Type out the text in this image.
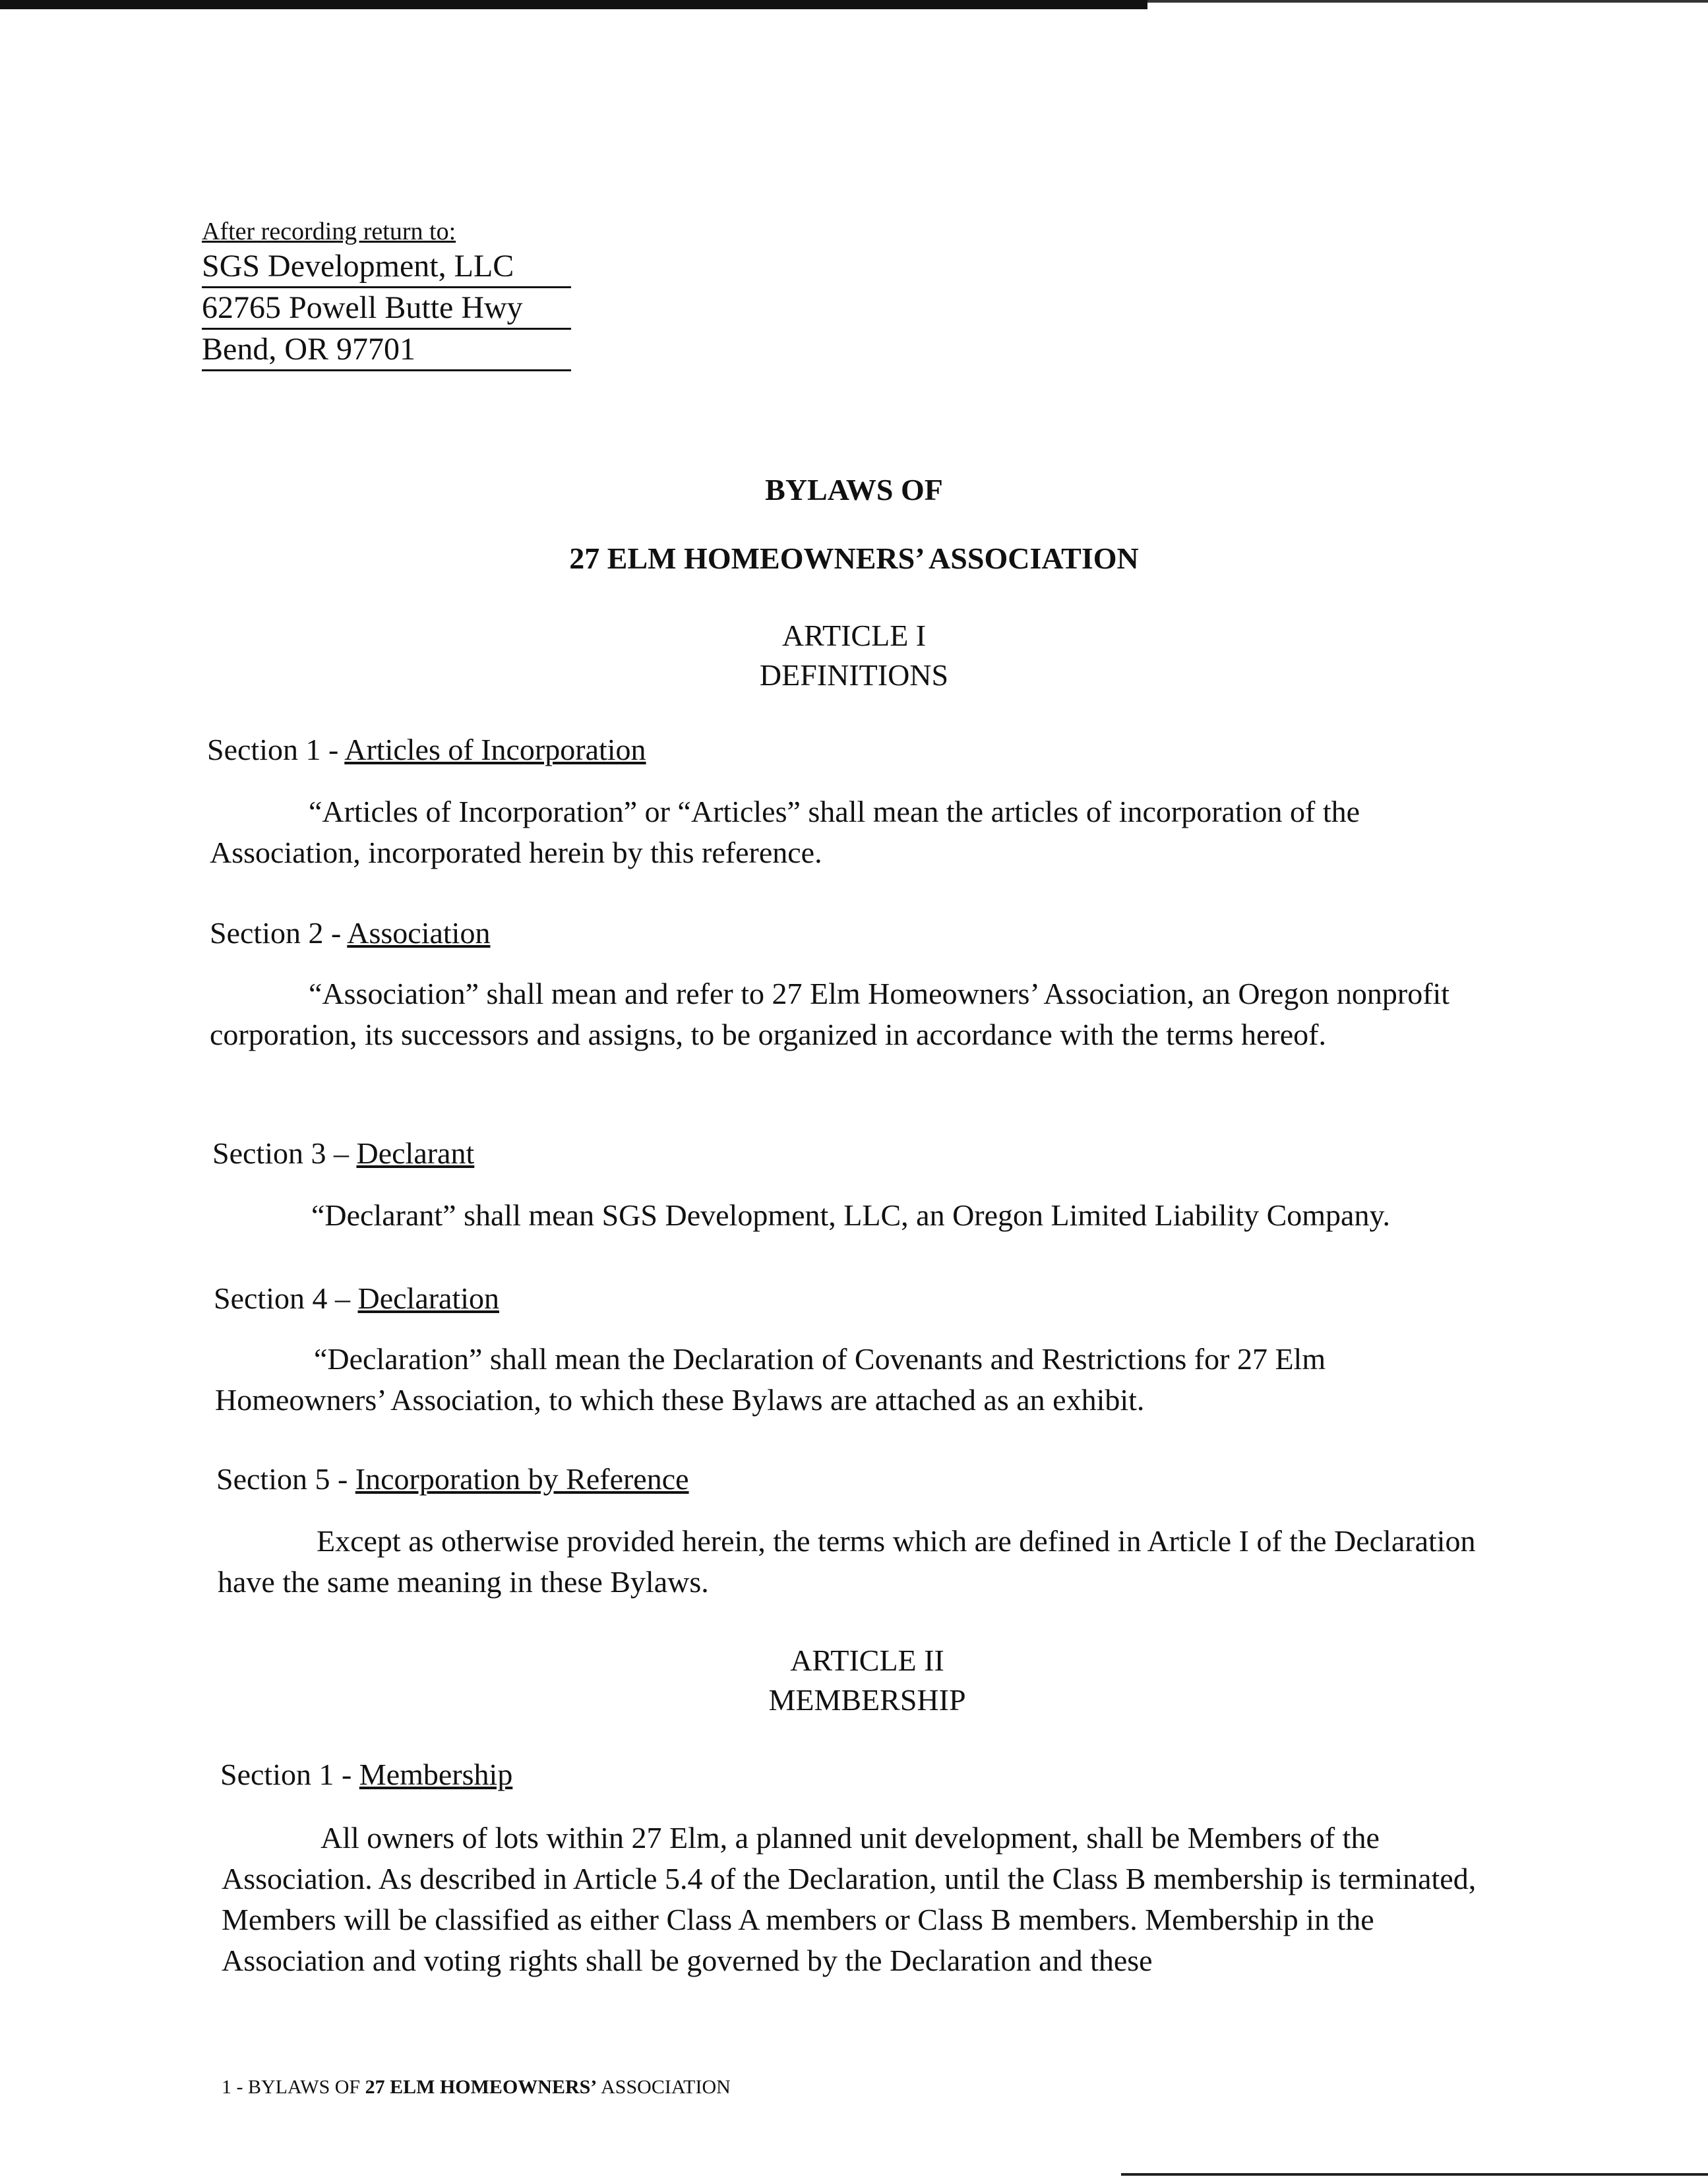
After recording return to:
SGS Development, LLC
62765 Powell Butte Hwy
Bend, OR 97701
BYLAWS OF
27 ELM HOMEOWNERS’ ASSOCIATION
ARTICLE I
DEFINITIONS
Section 1 - Articles of Incorporation
“Articles of Incorporation” or “Articles” shall mean the articles of incorporation of the Association, incorporated herein by this reference.
Section 2 - Association
“Association” shall mean and refer to 27 Elm Homeowners’ Association, an Oregon nonprofit corporation, its successors and assigns, to be organized in accordance with the terms hereof.
Section 3 – Declarant
“Declarant” shall mean SGS Development, LLC, an Oregon Limited Liability Company.
Section 4 – Declaration
“Declaration” shall mean the Declaration of Covenants and Restrictions for 27 Elm Homeowners’ Association, to which these Bylaws are attached as an exhibit.
Section 5 - Incorporation by Reference
Except as otherwise provided herein, the terms which are defined in Article I of the Declaration have the same meaning in these Bylaws.
ARTICLE II
MEMBERSHIP
Section 1 - Membership
All owners of lots within 27 Elm, a planned unit development, shall be Members of the Association. As described in Article 5.4 of the Declaration, until the Class B membership is terminated, Members will be classified as either Class A members or Class B members. Membership in the Association and voting rights shall be governed by the Declaration and these
1 - BYLAWS OF 27 ELM HOMEOWNERS’ ASSOCIATION
